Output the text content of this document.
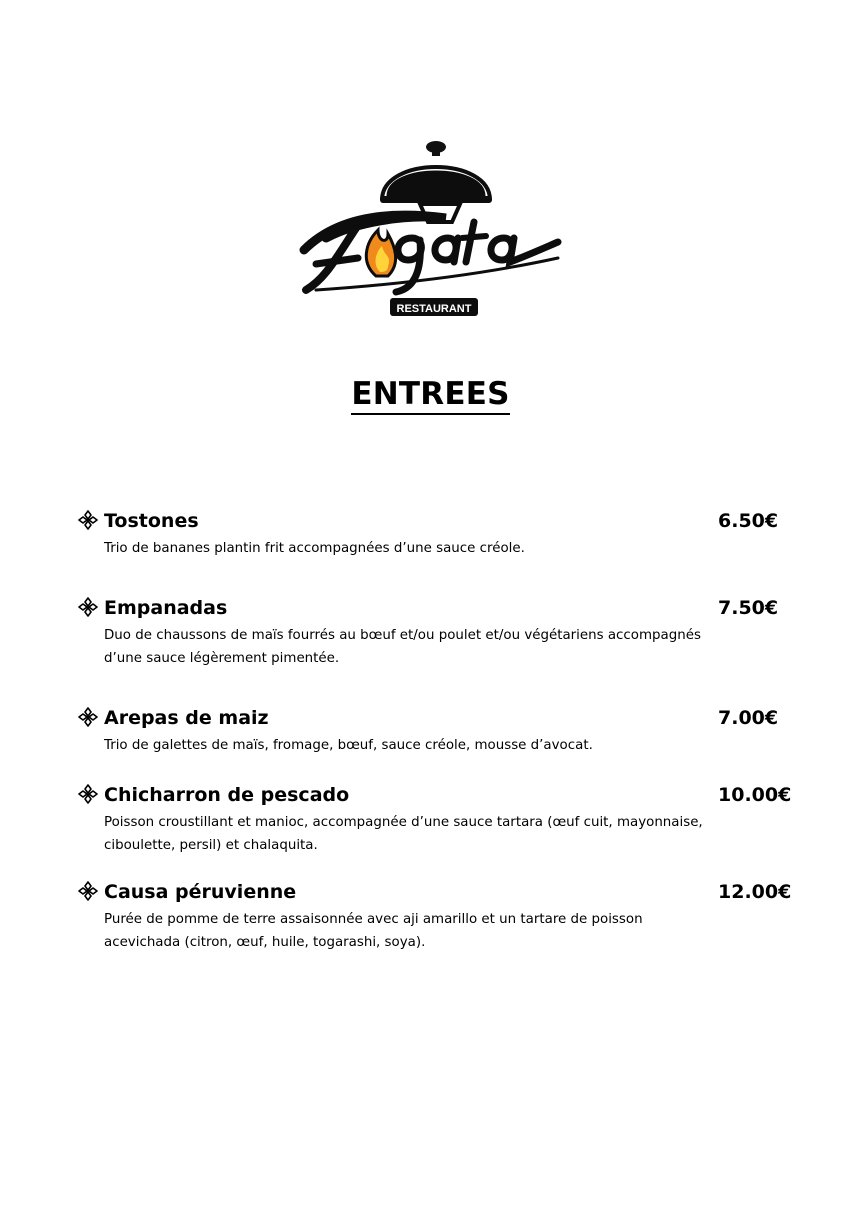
RESTAURANT
ENTREES
Tostones	6.50€
Trio de bananes plantin frit accompagnées d’une sauce créole.
Empanadas	7.50€
Duo de chaussons de maïs fourrés au bœuf et/ou poulet et/ou végétariens accompagnés d’une sauce légèrement pimentée.
Arepas de maiz	7.00€
Trio de galettes de maïs, fromage, bœuf, sauce créole, mousse d’avocat.
Chicharron de pescado	10.00€
Poisson croustillant et manioc, accompagnée d’une sauce tartara (œuf cuit, mayonnaise, ciboulette, persil) et chalaquita.
Causa péruvienne	12.00€
Purée de pomme de terre assaisonnée avec aji amarillo et un tartare de poisson acevichada (citron, œuf, huile, togarashi, soya).
